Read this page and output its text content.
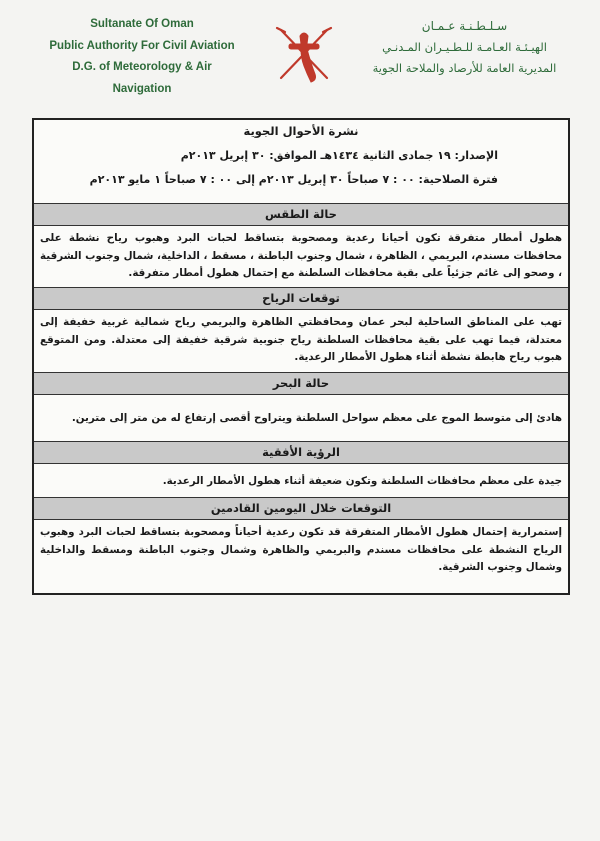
Sultanate Of Oman
Public Authority For Civil Aviation
D.G. of Meteorology & Air
Navigation
سـلـطـنـة عـمـان
الهيـئـة العـامـة للـطـيـران المـدنـي
المديرية العامة للأرصاد والملاحة الجوية
نشرة الأحوال الجوية
الإصدار: ١٩ جمادى الثانية ١٤٣٤هـ الموافق: ٣٠ إبريل ٢٠١٣م
فترة الصلاحية: ٠٠ : ٧ صباحاً ٣٠ إبريل ٢٠١٣م إلى ٠٠ : ٧ صباحاً ١ مايو ٢٠١٣م
حالة الطقس
هطول أمطار متفرقة تكون أحيانا رعدية ومصحوبة بتساقط لحبات البرد وهبوب رياح نشطة على محافظات مسندم، البريمي ، الظاهرة ، شمال وجنوب الباطنة ، مسقط ، الداخلية، شمال وجنوب الشرقية ، وصحو إلى غائم جزئياً على بقية محافظات السلطنة مع إحتمال هطول أمطار متفرقة.
توقعات الرياح
تهب على المناطق الساحلية لبحر عمان ومحافظتي الظاهرة والبريمي رياح شمالية غربية خفيفة إلى معتدلة، فيما تهب على بقية محافظات السلطنة رياح جنوبية شرقية خفيفة إلى معتدلة. ومن المتوقع هبوب رياح هابطة نشطة أثناء هطول الأمطار الرعدية.
حالة البحر
هادئ إلى متوسط الموج على معظم سواحل السلطنة ويتراوح أقصى إرتفاع له من متر إلى مترين.
الرؤية الأفقية
جيدة على معظم محافظات السلطنة وتكون ضعيفة أثناء هطول الأمطار الرعدية.
التوقعات خلال اليومين القادمين
إستمرارية إحتمال هطول الأمطار المتفرقة قد تكون رعدية أحياناً ومصحوبة بتساقط لحبات البرد وهبوب الرياح النشطة على محافظات مسندم والبريمي والظاهرة وشمال وجنوب الباطنة ومسقط والداخلية وشمال وجنوب الشرقية.
